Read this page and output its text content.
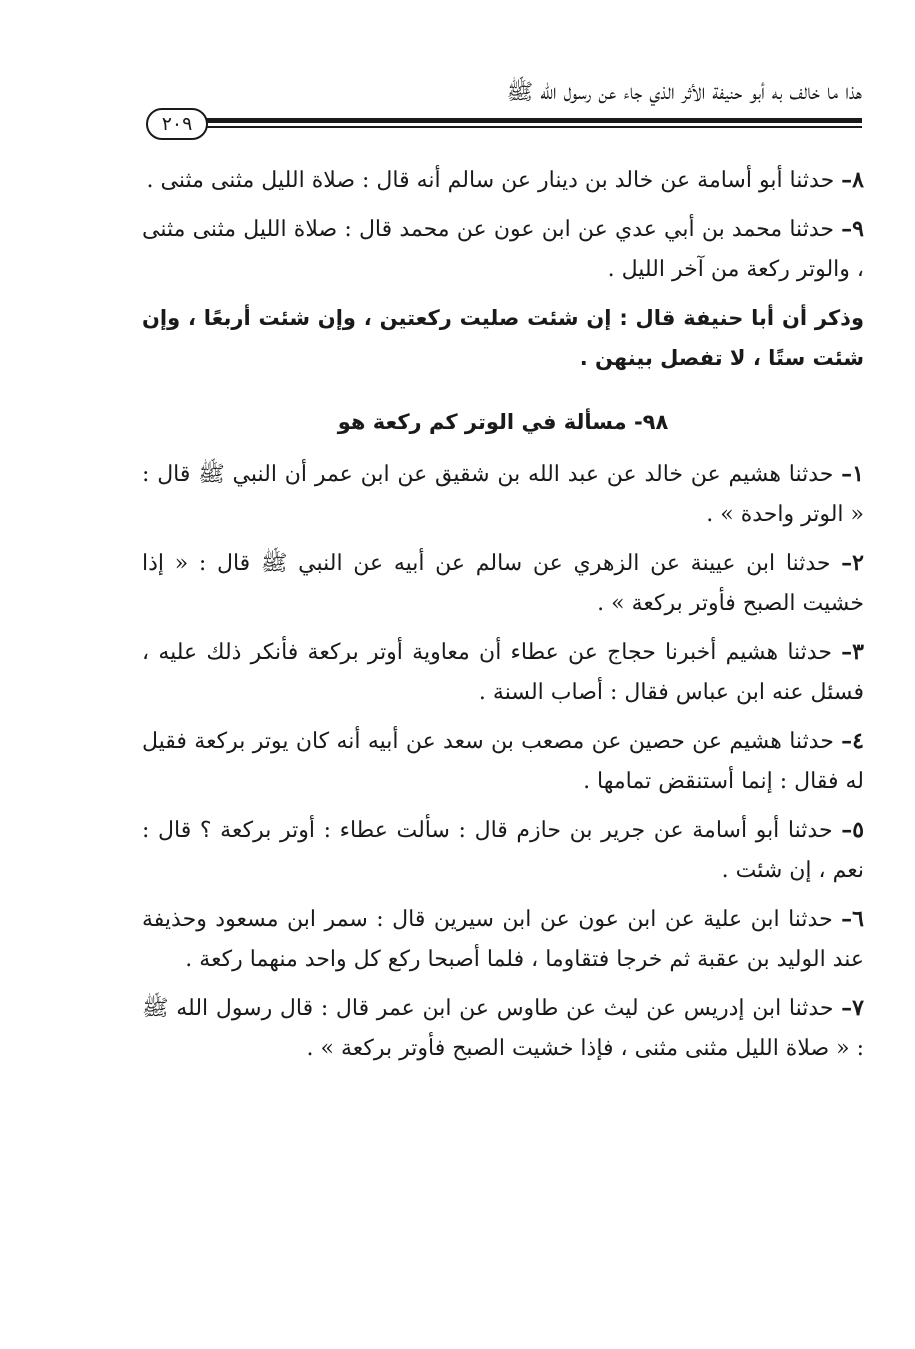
هذا ما خالف به أبو حنيفة الأثر الذي جاء عن رسول الله ﷺ
٢٠٩

٨– حدثنا أبو أسامة عن خالد بن دينار عن سالم أنه قال : صلاة الليل مثنى مثنى .

٩– حدثنا محمد بن أبي عدي عن ابن عون عن محمد قال : صلاة الليل مثنى مثنى ، والوتر ركعة من آخر الليل .

وذكر أن أبا حنيفة قال : إن شئت صليت ركعتين ، وإن شئت أربعًا ، وإن شئت ستًا ، لا تفصل بينهن .

٩٨- مسألة في الوتر كم ركعة هو

١– حدثنا هشيم عن خالد عن عبد الله بن شقيق عن ابن عمر أن النبي ﷺ قال : « الوتر واحدة » .

٢– حدثنا ابن عيينة عن الزهري عن سالم عن أبيه عن النبي ﷺ قال : « إذا خشيت الصبح فأوتر بركعة » .

٣– حدثنا هشيم أخبرنا حجاج عن عطاء أن معاوية أوتر بركعة فأنكر ذلك عليه ، فسئل عنه ابن عباس فقال : أصاب السنة .

٤– حدثنا هشيم عن حصين عن مصعب بن سعد عن أبيه أنه كان يوتر بركعة فقيل له فقال : إنما أستنقض تمامها .

٥– حدثنا أبو أسامة عن جرير بن حازم قال : سألت عطاء : أوتر بركعة ؟ قال : نعم ، إن شئت .

٦– حدثنا ابن علية عن ابن عون عن ابن سيرين قال : سمر ابن مسعود وحذيفة عند الوليد بن عقبة ثم خرجا فتقاوما ، فلما أصبحا ركع كل واحد منهما ركعة .

٧– حدثنا ابن إدريس عن ليث عن طاوس عن ابن عمر قال : قال رسول الله ﷺ : « صلاة الليل مثنى مثنى ، فإذا خشيت الصبح فأوتر بركعة » .
